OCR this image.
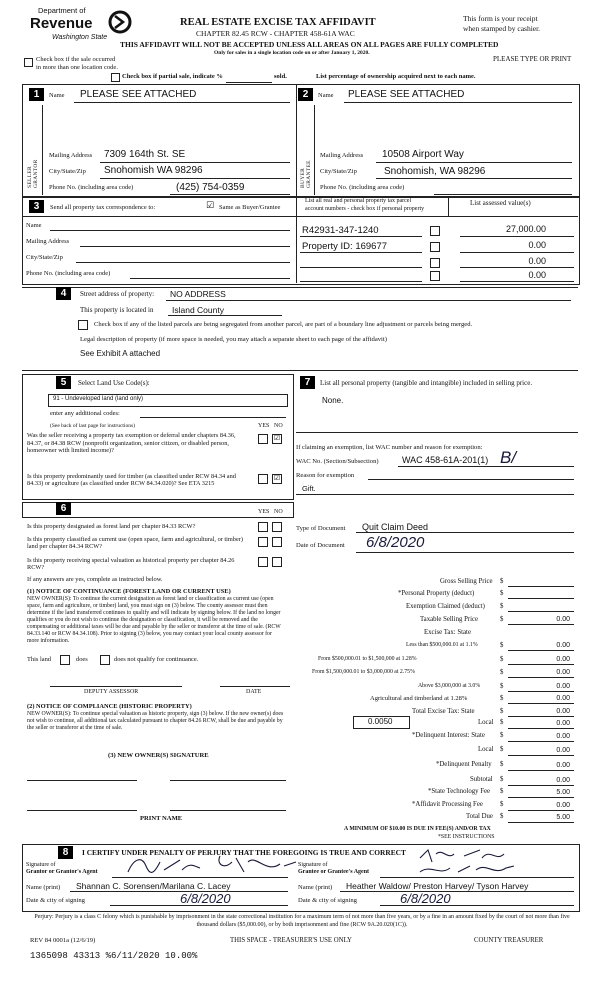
Department of
Revenue
Washington State
REAL ESTATE EXCISE TAX AFFIDAVIT
CHAPTER 82.45 RCW - CHAPTER 458-61A WAC
This form is your receipt
when stamped by cashier.
THIS AFFIDAVIT WILL NOT BE ACCEPTED UNLESS ALL AREAS ON ALL PAGES ARE FULLY COMPLETED
Only for sales in a single location code on or after January 1, 2020.
PLEASE TYPE OR PRINT
Check box if the sale occurred
in more than one location code.
Check box if partial sale, indicate %	sold.	List percentage of ownership acquired next to each name.
1	Name PLEASE SEE ATTACHED
SELLER GRANTOR
Mailing Address 7309 164th St. SE
City/State/Zip Snohomish WA 98296
Phone No. (including area code)	(425) 754-0359
2	Name PLEASE SEE ATTACHED
BUYER GRANTEE
Mailing Address 10508 Airport Way
City/State/Zip	Snohomish, WA 98296
Phone No. (including area code)
3	Send all property tax correspondence to:	☑ Same as Buyer/Grantee
List all real and personal property tax parcel
account numbers - check box if personal property
List assessed value(s)
Name
Mailing Address
City/State/Zip
Phone No. (including area code)
R42931-347-1240	27,000.00
Property ID: 169677	0.00
0.00
0.00
4	Street address of property: NO ADDRESS
This property is located in Island County
Check box if any of the listed parcels are being segregated from another parcel, are part of a boundary line adjustment or parcels being merged.
Legal description of property (if more space is needed, you may attach a separate sheet to each page of the affidavit)
See Exhibit A attached
5	Select Land Use Code(s):
91 - Undeveloped land (land only)
enter any additional codes:
(See back of last page for instructions)	YES NO
Was the seller receiving a property tax exemption or deferral under chapters 84.36, 84.37, or 84.38 RCW (nonprofit organization, senior citizen, or disabled person, homeowner with limited income)?
☑
Is this property predominantly used for timber (as classified under RCW 84.34 and 84.33) or agriculture (as classified under RCW 84.34.020)? See ETA 3215
☑
7	List all personal property (tangible and intangible) included in selling price.
None.
If claiming an exemption, list WAC number and reason for exemption:
WAC No. (Section/Subsection)	WAC 458-61A-201(1) B/
Reason for exemption
Gift.
6	YES NO
Is this property designated as forest land per chapter 84.33 RCW?
Is this property classified as current use (open space, farm and agricultural, or timber) land per chapter 84.34 RCW?
Is this property receiving special valuation as historical property per chapter 84.26 RCW?
If any answers are yes, complete as instructed below.
(1) NOTICE OF CONTINUANCE (FOREST LAND OR CURRENT USE)
NEW OWNER(S): To continue the current designation as forest land or classification as current use (open space, farm and agriculture, or timber) land, you must sign on (3) below. The county assessor must then determine if the land transferred continues to qualify and will indicate by signing below. If the land no longer qualifies or you do not wish to continue the designation or classification, it will be removed and the compensating or additional taxes will be due and payable by the seller or transferor at the time of sale. (RCW 84.33.140 or RCW 84.34.108). Prior to signing (3) below, you may contact your local county assessor for more information.
This land	does	does not qualify for continuance.
DEPUTY ASSESSOR	DATE
(2) NOTICE OF COMPLIANCE (HISTORIC PROPERTY)
NEW OWNER(S): To continue special valuation as historic property, sign (3) below. If the new owner(s) does not wish to continue, all additional tax calculated pursuant to chapter 84.26 RCW, shall be due and payable by the seller or transferor at the time of sale.
(3) NEW OWNER(S) SIGNATURE
PRINT NAME
Type of Document Quit Claim Deed
Date of Document 6/8/2020
Gross Selling Price $
*Personal Property (deduct)	$
Exemption Claimed (deduct) $
Taxable Selling Price	$	0.00
Excise Tax: State
Less than $500,000.01 at 1.1%	$	0.00
From $500,000.01 to $1,500,000 at 1.28%	$	0.00
From $1,500,000.01 to $3,000,000 at 2.75%	$	0.00
Above $3,000,000 at 3.0%	$	0.00
Agricultural and timberland at 1.28%	$	0.00
Total Excise Tax: State	$	0.00
0.0050	Local $	0.00
*Delinquent Interest: State $	0.00
Local $	0.00
*Delinquent Penalty $	0.00
Subtotal $	0.00
*State Technology Fee $	5.00
*Affidavit Processing Fee	$	0.00
Total Due $	5.00
A MINIMUM OF $10.00 IS DUE IN FEE(S) AND/OR TAX
*SEE INSTRUCTIONS
8	I CERTIFY UNDER PENALTY OF PERJURY THAT THE FOREGOING IS TRUE AND CORRECT
Signature of
Grantor or Grantor's Agent
Signature of
Grantee or Grantee's Agent
Name (print) Shannan C. Sorensen/Marilana C. Lacey	Name (print) Heather Waldow/ Preston Harvey/ Tyson Harvey
Date & city of signing	6/8/2020	Date & city of signing	6/8/2020
Perjury: Perjury is a class C felony which is punishable by imprisonment in the state correctional institution for a maximum term of not more than five years, or by a fine in an amount fixed by the court of not more than five thousand dollars ($5,000.00), or by both imprisonment and fine (RCW 9A.20.020(1C)).
REV 84 0001a (12/6/19)	THIS SPACE - TREASURER'S USE ONLY	COUNTY TREASURER
1365098 43313 %6/11/2020 10.00%
